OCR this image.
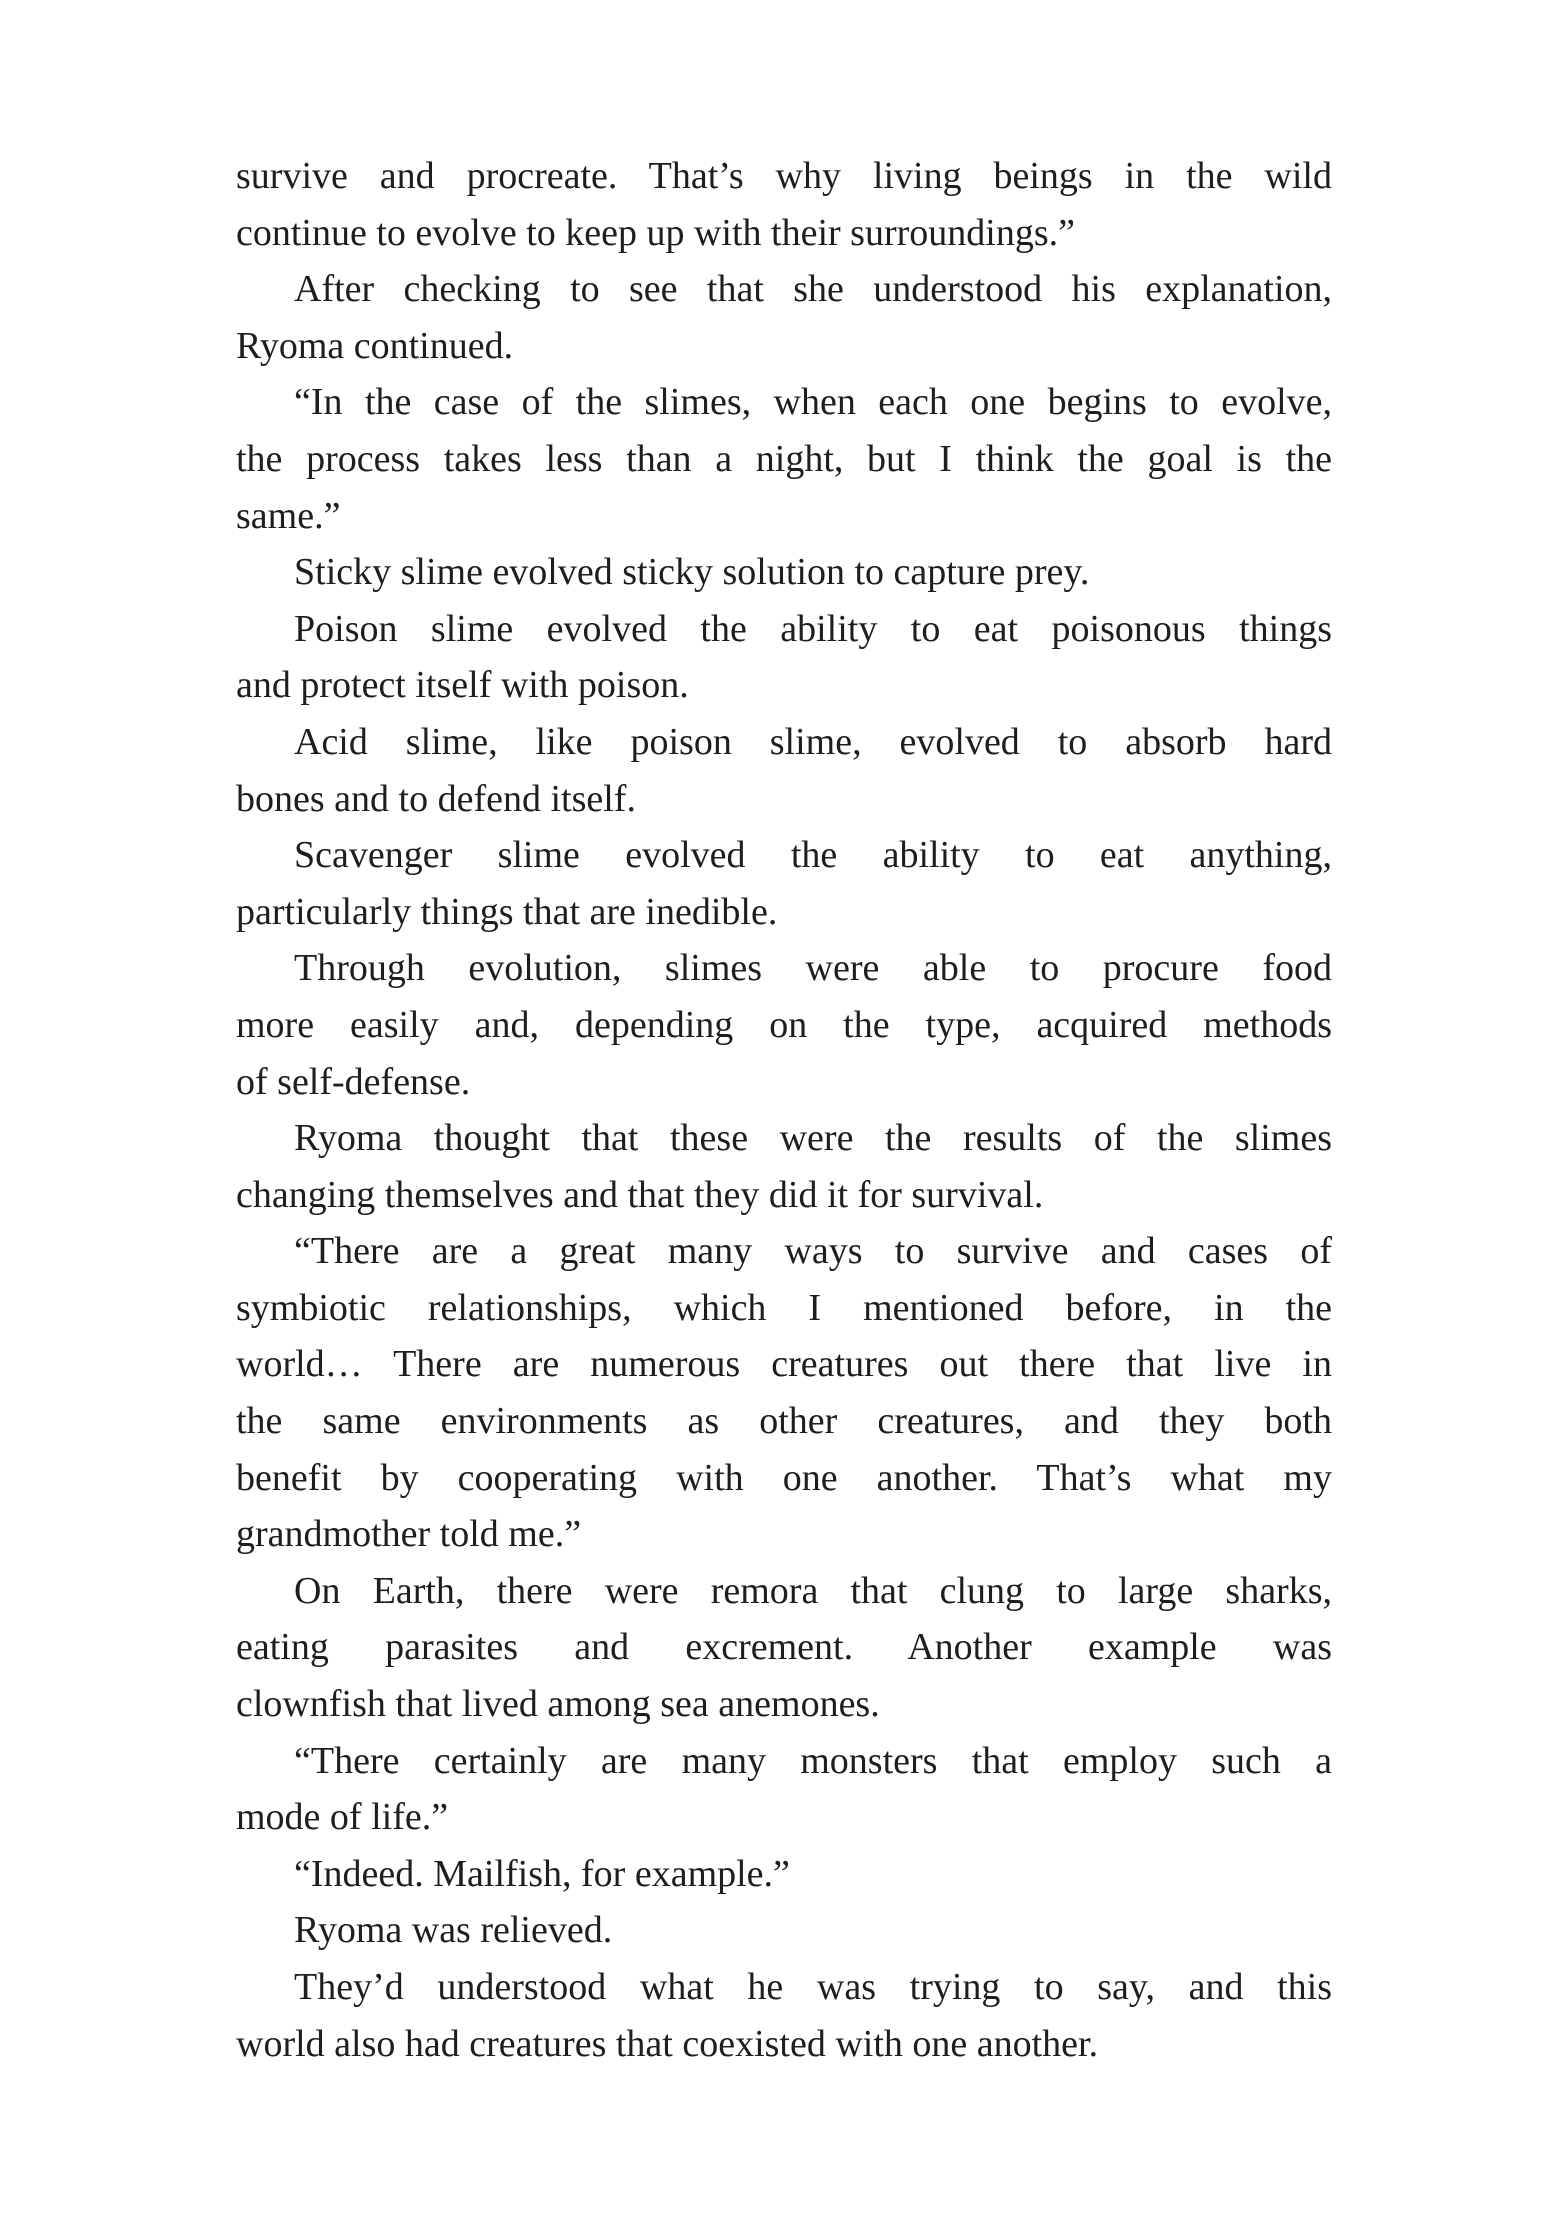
survive and procreate. That’s why living beings in the wild
continue to evolve to keep up with their surroundings.”
After checking to see that she understood his explanation,
Ryoma continued.
“In the case of the slimes, when each one begins to evolve,
the process takes less than a night, but I think the goal is the
same.”
Sticky slime evolved sticky solution to capture prey.
Poison slime evolved the ability to eat poisonous things
and protect itself with poison.
Acid slime, like poison slime, evolved to absorb hard
bones and to defend itself.
Scavenger slime evolved the ability to eat anything,
particularly things that are inedible.
Through evolution, slimes were able to procure food
more easily and, depending on the type, acquired methods
of self-defense.
Ryoma thought that these were the results of the slimes
changing themselves and that they did it for survival.
“There are a great many ways to survive and cases of
symbiotic relationships, which I mentioned before, in the
world… There are numerous creatures out there that live in
the same environments as other creatures, and they both
benefit by cooperating with one another. That’s what my
grandmother told me.”
On Earth, there were remora that clung to large sharks,
eating parasites and excrement. Another example was
clownfish that lived among sea anemones.
“There certainly are many monsters that employ such a
mode of life.”
“Indeed. Mailfish, for example.”
Ryoma was relieved.
They’d understood what he was trying to say, and this
world also had creatures that coexisted with one another.
